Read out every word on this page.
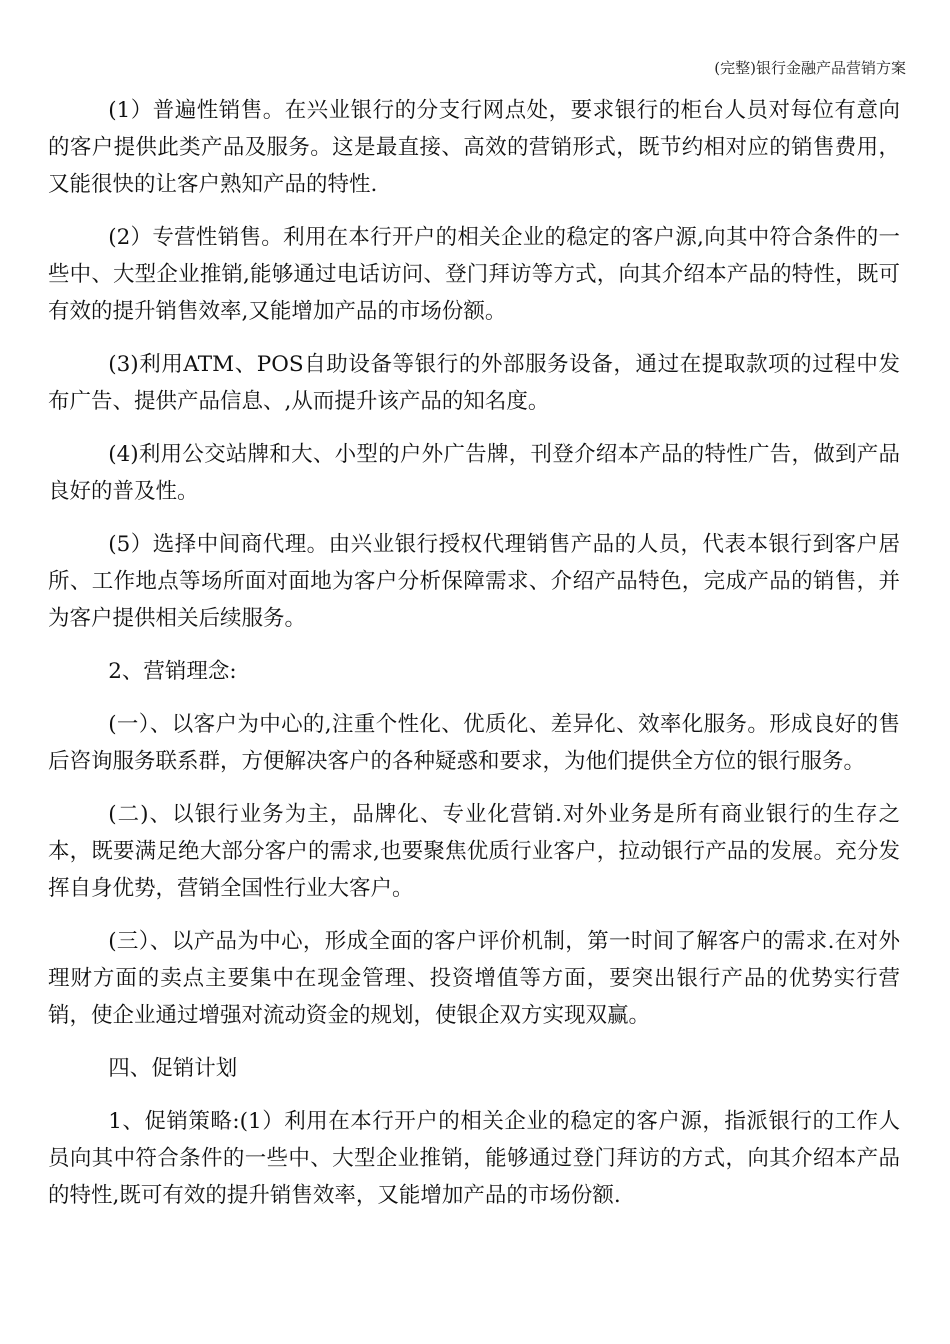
(完整)银行金融产品营销方案

(1）普遍性销售。在兴业银行的分支行网点处，要求银行的柜台人员对每位有意向的客户提供此类产品及服务。这是最直接、高效的营销形式，既节约相对应的销售费用，又能很快的让客户熟知产品的特性.

(2）专营性销售。利用在本行开户的相关企业的稳定的客户源,向其中符合条件的一些中、大型企业推销,能够通过电话访问、登门拜访等方式，向其介绍本产品的特性，既可有效的提升销售效率,又能增加产品的市场份额。

(3)利用ATM、POS自助设备等银行的外部服务设备，通过在提取款项的过程中发布广告、提供产品信息、,从而提升该产品的知名度。

(4)利用公交站牌和大、小型的户外广告牌，刊登介绍本产品的特性广告，做到产品良好的普及性。

(5）选择中间商代理。由兴业银行授权代理销售产品的人员，代表本银行到客户居所、工作地点等场所面对面地为客户分析保障需求、介绍产品特色，完成产品的销售，并为客户提供相关后续服务。

2、营销理念:

(一）、以客户为中心的,注重个性化、优质化、差异化、效率化服务。形成良好的售后咨询服务联系群，方便解决客户的各种疑惑和要求，为他们提供全方位的银行服务。

(二)、以银行业务为主，品牌化、专业化营销.对外业务是所有商业银行的生存之本，既要满足绝大部分客户的需求,也要聚焦优质行业客户，拉动银行产品的发展。充分发挥自身优势，营销全国性行业大客户。

(三）、以产品为中心，形成全面的客户评价机制，第一时间了解客户的需求.在对外理财方面的卖点主要集中在现金管理、投资增值等方面，要突出银行产品的优势实行营销，使企业通过增强对流动资金的规划，使银企双方实现双赢。

四、促销计划

1、促销策略:(1）利用在本行开户的相关企业的稳定的客户源，指派银行的工作人员向其中符合条件的一些中、大型企业推销，能够通过登门拜访的方式，向其介绍本产品的特性,既可有效的提升销售效率，又能增加产品的市场份额.
